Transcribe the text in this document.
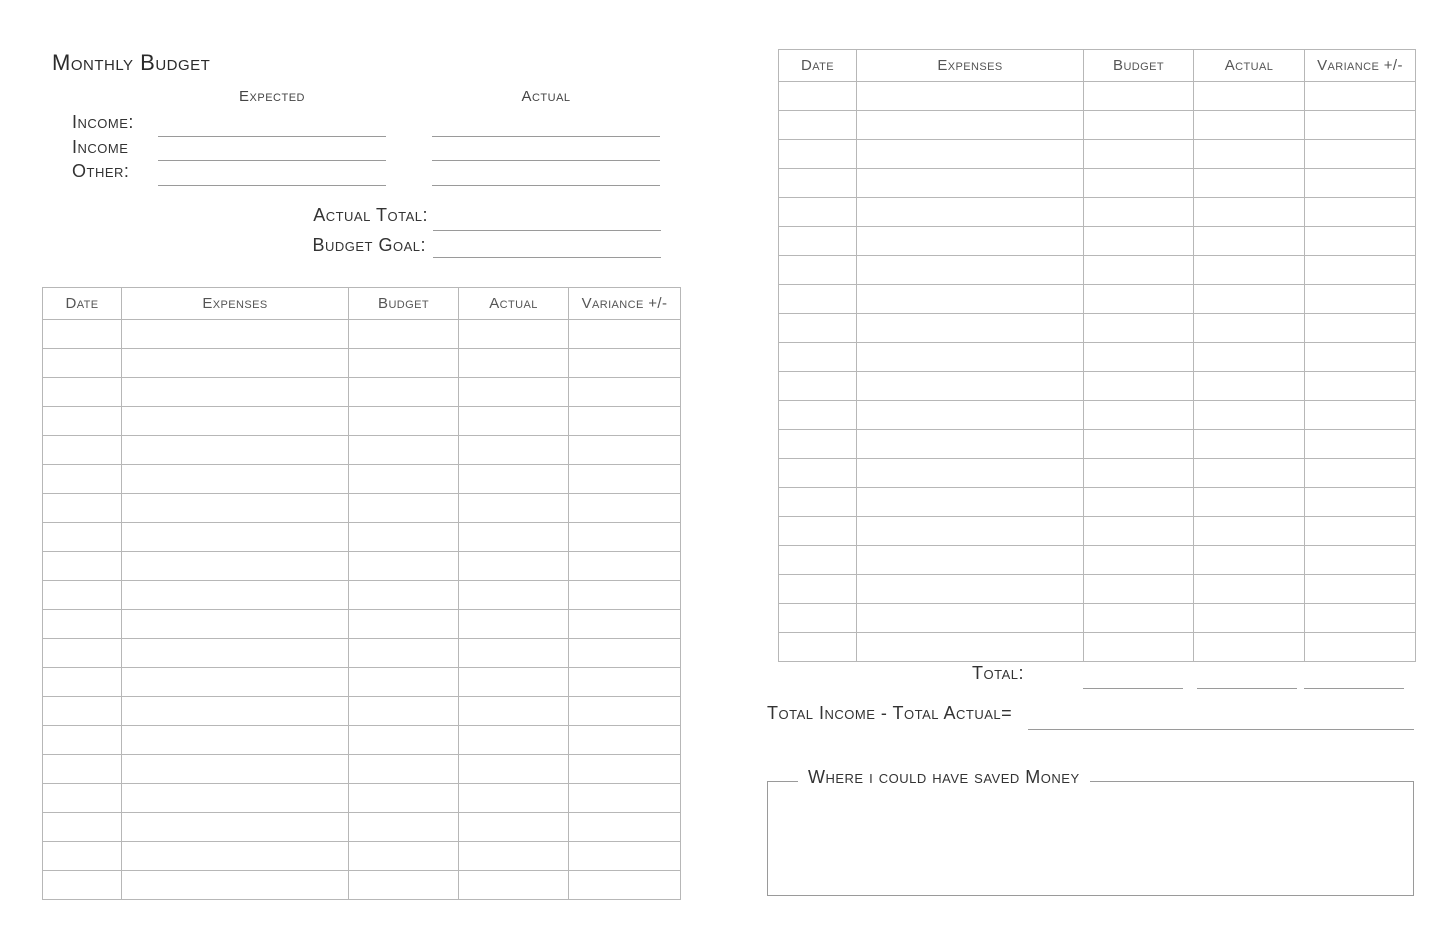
Monthly Budget
Expected	Actual
Income:
Income
Other:
Actual Total:
Budget Goal:
Date	Expenses	Budget	Actual	Variance +/-

Date	Expenses	Budget	Actual	Variance +/-

Total:
Total Income - Total Actual=
Where i could have saved Money
